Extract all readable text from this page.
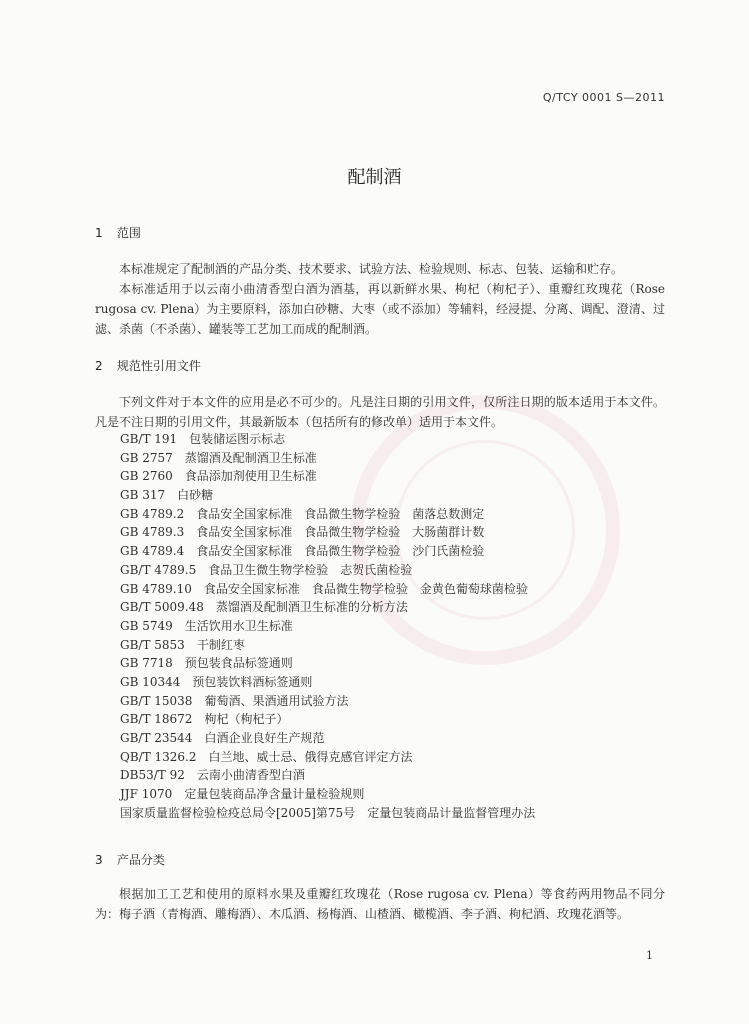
Q/TCY 0001 S—2011
配制酒
1 范围
本标准规定了配制酒的产品分类、技术要求、试验方法、检验规则、标志、包装、运输和贮存。
本标准适用于以云南小曲清香型白酒为酒基，再以新鲜水果、枸杞（枸杞子）、重瓣红玫瑰花（Rose rugosa cv. Plena）为主要原料，添加白砂糖、大枣（或不添加）等辅料，经浸提、分离、调配、澄清、过滤、杀菌（不杀菌）、罐装等工艺加工而成的配制酒。
2 规范性引用文件
下列文件对于本文件的应用是必不可少的。凡是注日期的引用文件，仅所注日期的版本适用于本文件。凡是不注日期的引用文件，其最新版本（包括所有的修改单）适用于本文件。
GB/T 191 包装储运图示标志
GB 2757 蒸馏酒及配制酒卫生标准
GB 2760 食品添加剂使用卫生标准
GB 317 白砂糖
GB 4789.2 食品安全国家标准　食品微生物学检验　菌落总数测定
GB 4789.3 食品安全国家标准　食品微生物学检验　大肠菌群计数
GB 4789.4 食品安全国家标准　食品微生物学检验　沙门氏菌检验
GB/T 4789.5 食品卫生微生物学检验　志贺氏菌检验
GB 4789.10 食品安全国家标准　食品微生物学检验　金黄色葡萄球菌检验
GB/T 5009.48 蒸馏酒及配制酒卫生标准的分析方法
GB 5749 生活饮用水卫生标准
GB/T 5853 干制红枣
GB 7718 预包装食品标签通则
GB 10344 预包装饮料酒标签通则
GB/T 15038 葡萄酒、果酒通用试验方法
GB/T 18672 枸杞（枸杞子）
GB/T 23544 白酒企业良好生产规范
QB/T 1326.2 白兰地、威士忌、俄得克感官评定方法
DB53/T 92 云南小曲清香型白酒
JJF 1070 定量包装商品净含量计量检验规则
国家质量监督检验检疫总局令[2005]第75号 定量包装商品计量监督管理办法
3 产品分类
根据加工工艺和使用的原料水果及重瓣红玫瑰花（Rose rugosa cv. Plena）等食药两用物品不同分为：梅子酒（青梅酒、雕梅酒）、木瓜酒、杨梅酒、山楂酒、橄榄酒、李子酒、枸杞酒、玫瑰花酒等。
1
